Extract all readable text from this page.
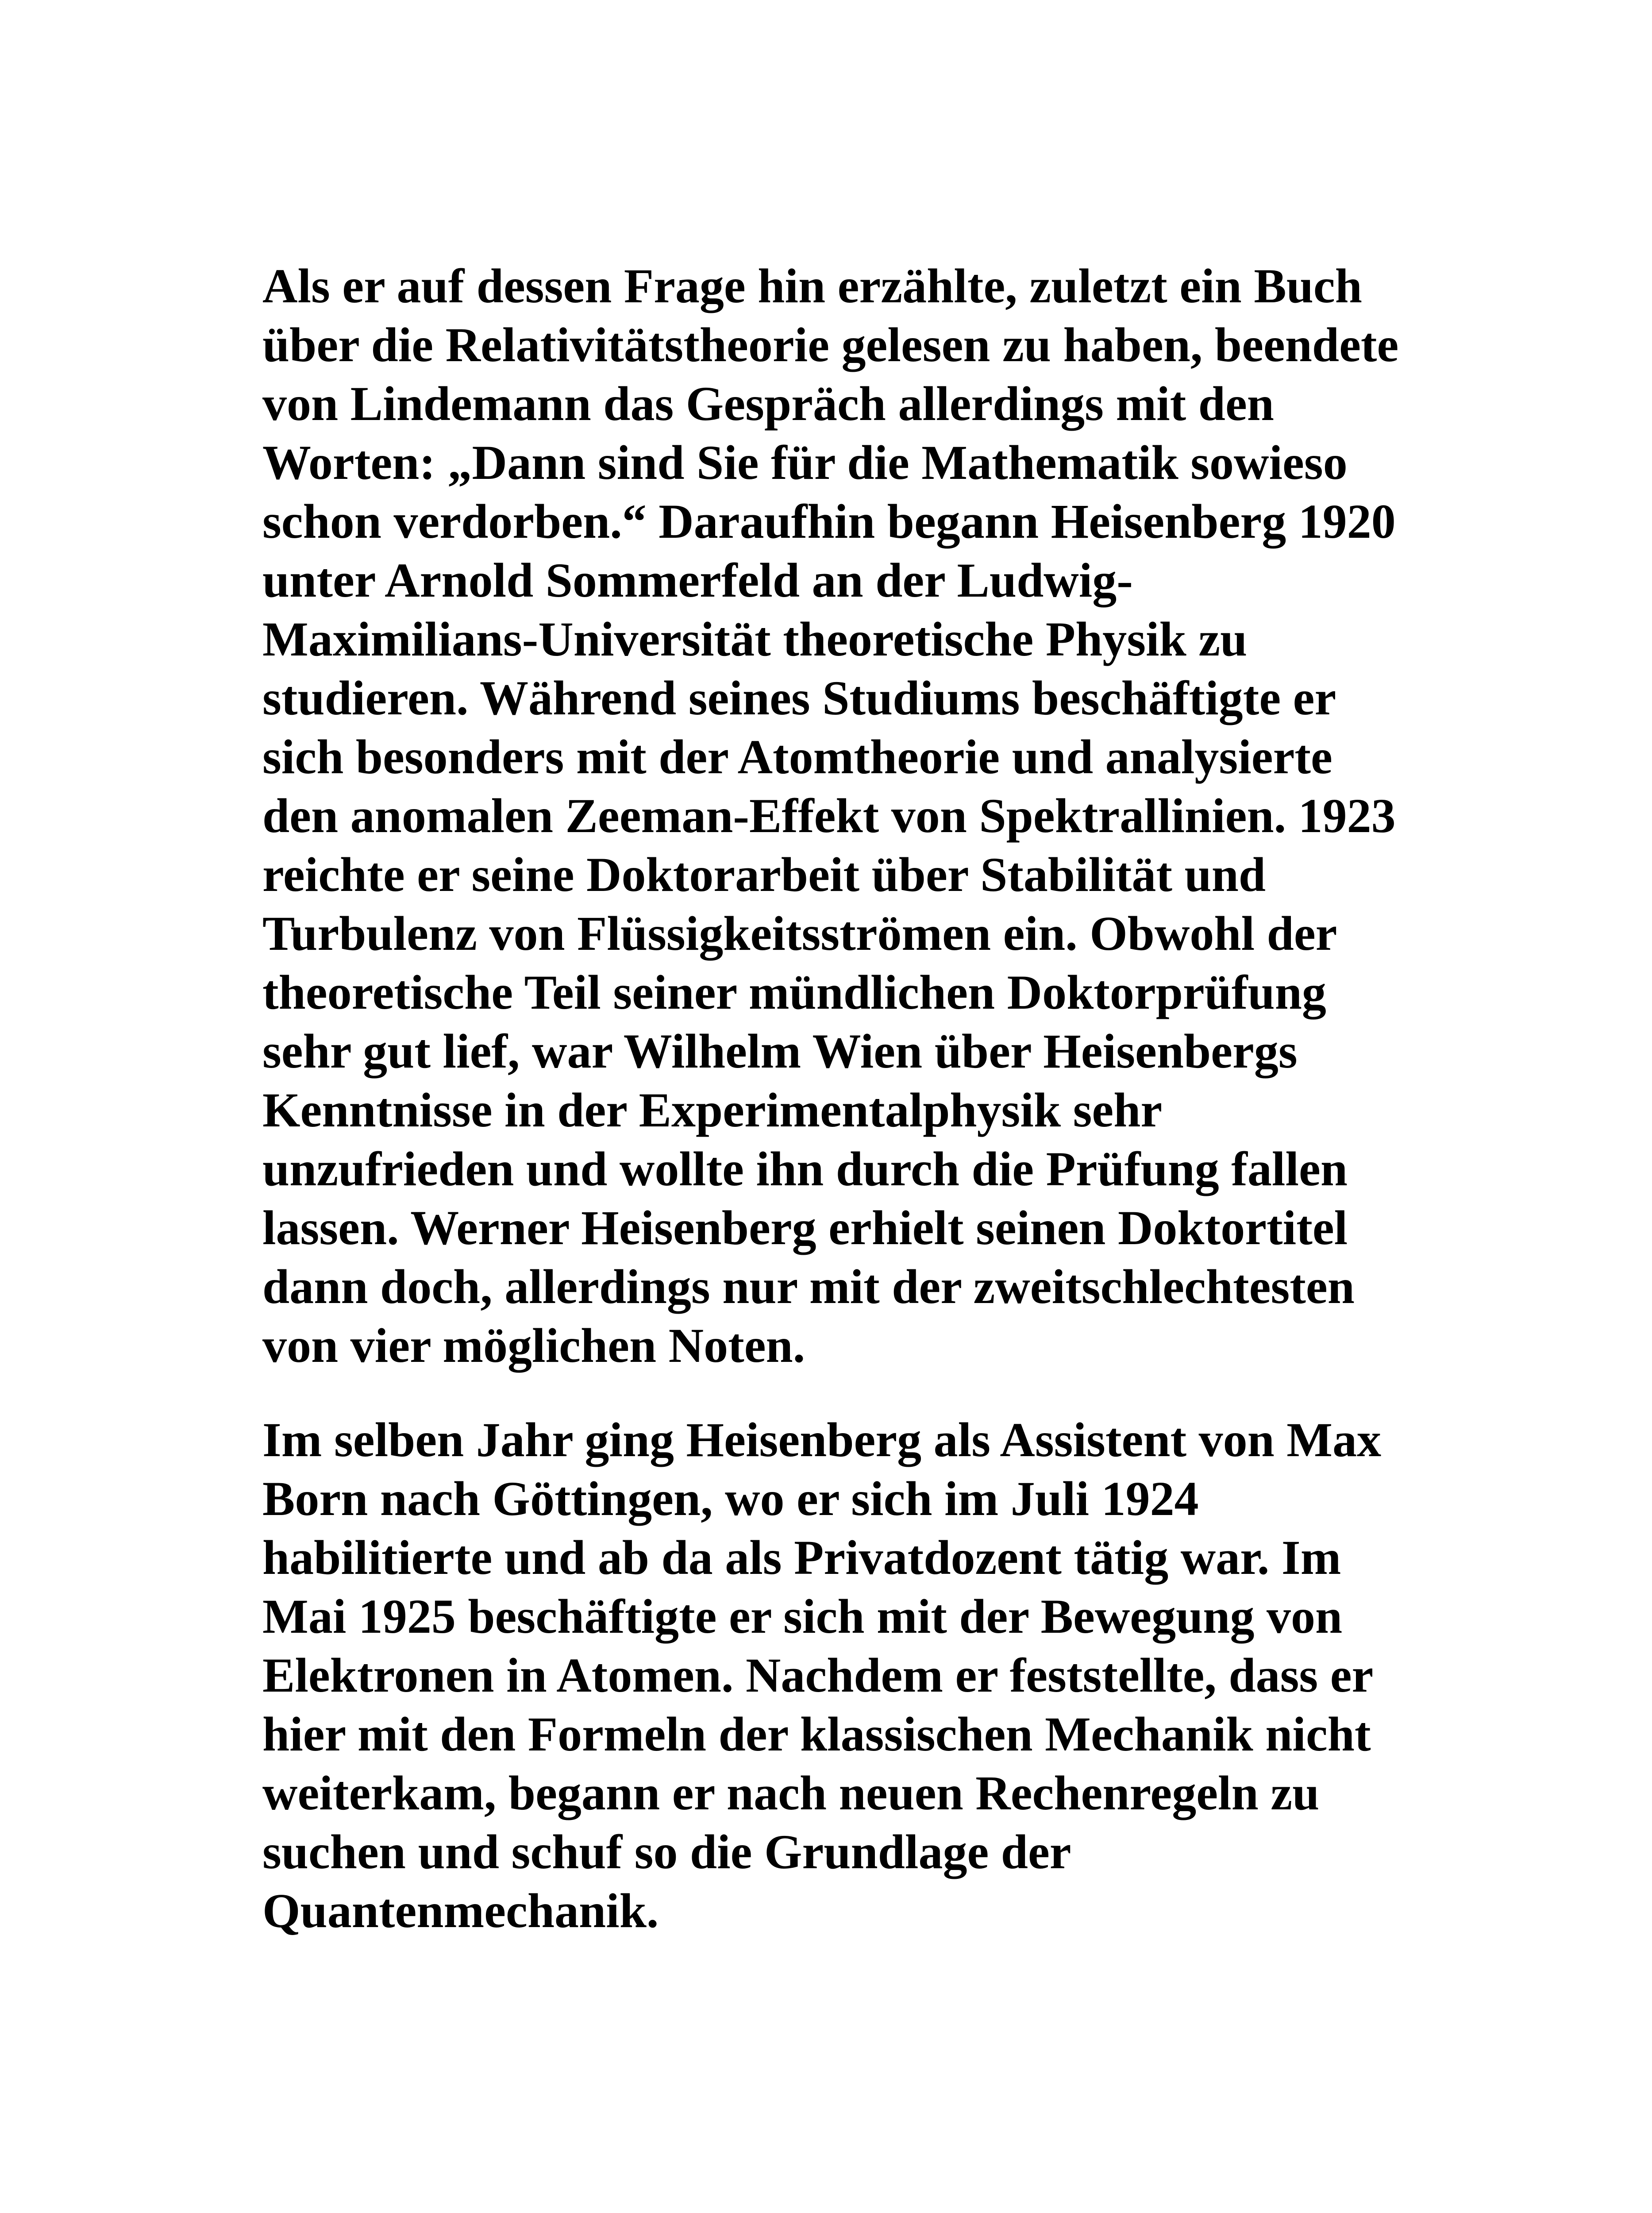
Als er auf dessen Frage hin erzählte, zuletzt ein Buch
über die Relativitätstheorie gelesen zu haben, beendete
von Lindemann das Gespräch allerdings mit den
Worten: „Dann sind Sie für die Mathematik sowieso
schon verdorben.“ Daraufhin begann Heisenberg 1920
unter Arnold Sommerfeld an der Ludwig-
Maximilians-Universität theoretische Physik zu
studieren. Während seines Studiums beschäftigte er
sich besonders mit der Atomtheorie und analysierte
den anomalen Zeeman-Effekt von Spektrallinien. 1923
reichte er seine Doktorarbeit über Stabilität und
Turbulenz von Flüssigkeitsströmen ein. Obwohl der
theoretische Teil seiner mündlichen Doktorprüfung
sehr gut lief, war Wilhelm Wien über Heisenbergs
Kenntnisse in der Experimentalphysik sehr
unzufrieden und wollte ihn durch die Prüfung fallen
lassen. Werner Heisenberg erhielt seinen Doktortitel
dann doch, allerdings nur mit der zweitschlechtesten
von vier möglichen Noten.

Im selben Jahr ging Heisenberg als Assistent von Max
Born nach Göttingen, wo er sich im Juli 1924
habilitierte und ab da als Privatdozent tätig war. Im
Mai 1925 beschäftigte er sich mit der Bewegung von
Elektronen in Atomen. Nachdem er feststellte, dass er
hier mit den Formeln der klassischen Mechanik nicht
weiterkam, begann er nach neuen Rechenregeln zu
suchen und schuf so die Grundlage der
Quantenmechanik.
